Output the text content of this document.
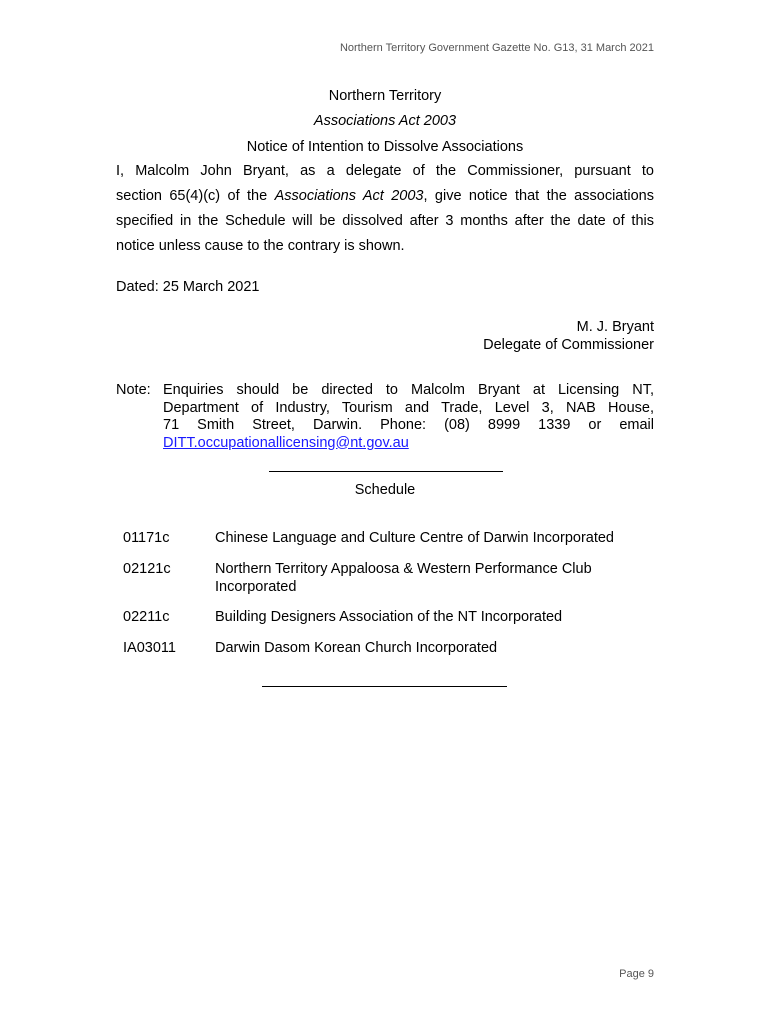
Northern Territory Government Gazette No. G13, 31 March 2021
Northern Territory
Associations Act 2003
Notice of Intention to Dissolve Associations
I, Malcolm John Bryant, as a delegate of the Commissioner, pursuant to
section 65(4)(c) of the Associations Act 2003, give notice that the associations
specified in the Schedule will be dissolved after 3 months after the date of this
notice unless cause to the contrary is shown.
Dated: 25 March 2021
M. J. Bryant
Delegate of Commissioner
Note: Enquiries should be directed to Malcolm Bryant at Licensing NT,
Department of Industry, Tourism and Trade, Level 3, NAB House,
71 Smith Street, Darwin. Phone: (08) 8999 1339 or email
DITT.occupationallicensing@nt.gov.au
Schedule
01171c	Chinese Language and Culture Centre of Darwin Incorporated
02121c	Northern Territory Appaloosa & Western Performance Club
Incorporated
02211c	Building Designers Association of the NT Incorporated
IA03011	Darwin Dasom Korean Church Incorporated
Page 9
